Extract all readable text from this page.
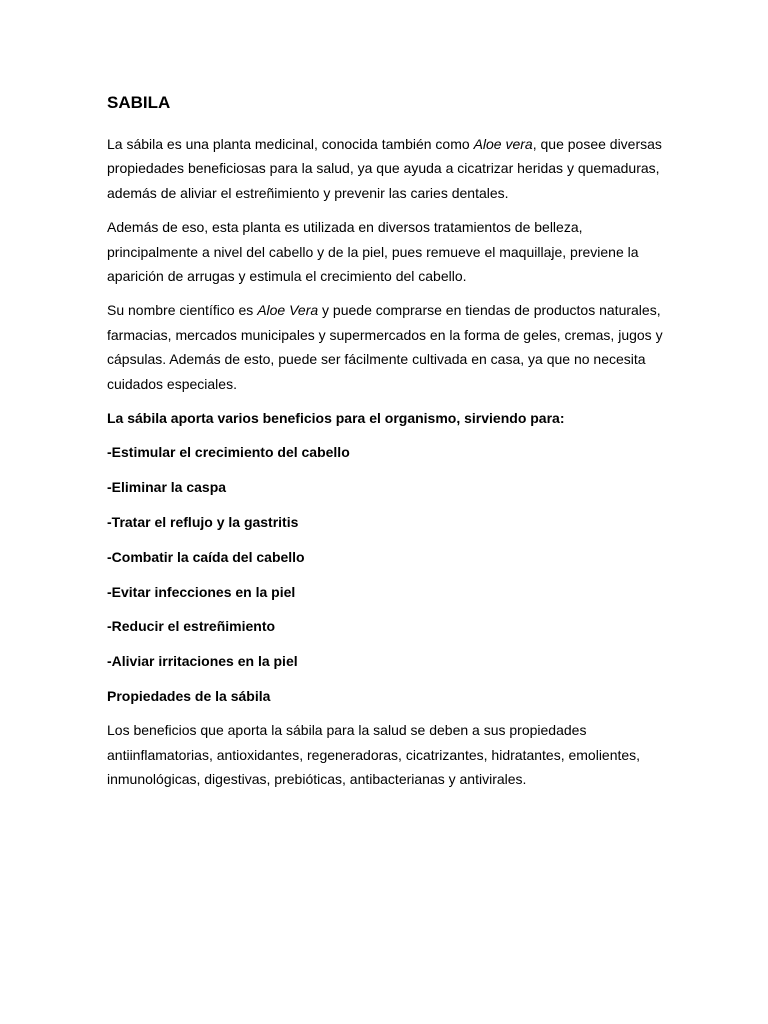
SABILA

La sábila es una planta medicinal, conocida también como Aloe vera, que posee diversas propiedades beneficiosas para la salud, ya que ayuda a cicatrizar heridas y quemaduras, además de aliviar el estreñimiento y prevenir las caries dentales.

Además de eso, esta planta es utilizada en diversos tratamientos de belleza, principalmente a nivel del cabello y de la piel, pues remueve el maquillaje, previene la aparición de arrugas y estimula el crecimiento del cabello.

Su nombre científico es Aloe Vera y puede comprarse en tiendas de productos naturales, farmacias, mercados municipales y supermercados en la forma de geles, cremas, jugos y cápsulas. Además de esto, puede ser fácilmente cultivada en casa, ya que no necesita cuidados especiales.

La sábila aporta varios beneficios para el organismo, sirviendo para:

-Estimular el crecimiento del cabello

-Eliminar la caspa

-Tratar el reflujo y la gastritis

-Combatir la caída del cabello

-Evitar infecciones en la piel

-Reducir el estreñimiento

-Aliviar irritaciones en la piel

Propiedades de la sábila

Los beneficios que aporta la sábila para la salud se deben a sus propiedades antiinflamatorias, antioxidantes, regeneradoras, cicatrizantes, hidratantes, emolientes, inmunológicas, digestivas, prebióticas, antibacterianas y antivirales.
